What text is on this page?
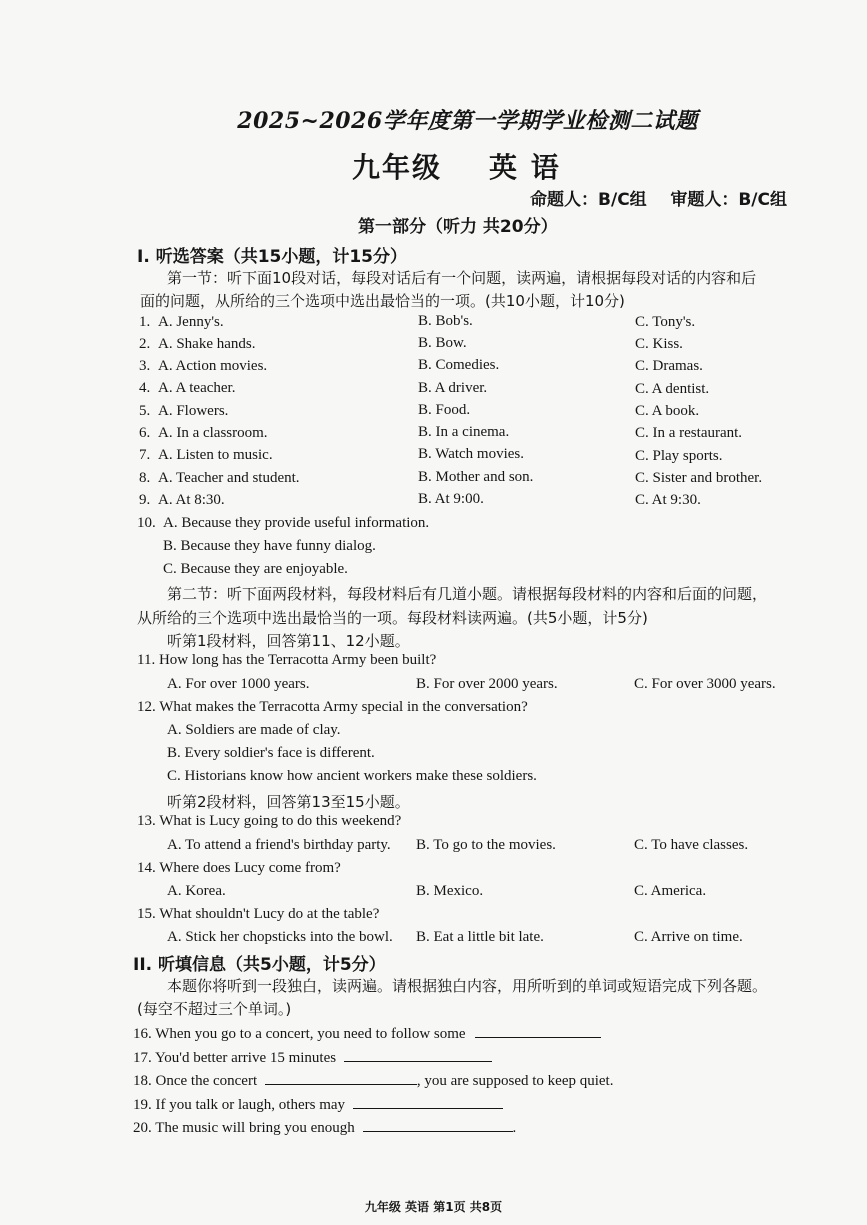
2025~2026学年度第一学期学业检测二试题
九年级    英 语
命题人：B/C组    审题人：B/C组
第一部分（听力 共20分）
I. 听选答案（共15小题，计15分）
第一节：听下面10段对话，每段对话后有一个问题，读两遍，请根据每段对话的内容和后
面的问题，从所给的三个选项中选出最恰当的一项。(共10小题，计10分)
1. A. Jenny's.	B. Bob's.	C. Tony's.
2. A. Shake hands.	B. Bow.	C. Kiss.
3. A. Action movies.	B. Comedies.	C. Dramas.
4. A. A teacher.	B. A driver.	C. A dentist.
5. A. Flowers.	B. Food.	C. A book.
6. A. In a classroom.	B. In a cinema.	C. In a restaurant.
7. A. Listen to music.	B. Watch movies.	C. Play sports.
8. A. Teacher and student.	B. Mother and son.	C. Sister and brother.
9. A. At 8:30.	B. At 9:00.	C. At 9:30.
10. A. Because they provide useful information.
B. Because they have funny dialog.
C. Because they are enjoyable.
第二节：听下面两段材料，每段材料后有几道小题。请根据每段材料的内容和后面的问题，
从所给的三个选项中选出最恰当的一项。每段材料读两遍。(共5小题，计5分)
听第1段材料，回答第11、12小题。
11. How long has the Terracotta Army been built?
A. For over 1000 years.	B. For over 2000 years.	C. For over 3000 years.
12. What makes the Terracotta Army special in the conversation?
A. Soldiers are made of clay.
B. Every soldier's face is different.
C. Historians know how ancient workers make these soldiers.
听第2段材料，回答第13至15小题。
13. What is Lucy going to do this weekend?
A. To attend a friend's birthday party. B. To go to the movies.	C. To have classes.
14. Where does Lucy come from?
A. Korea.	B. Mexico.	C. America.
15. What shouldn't Lucy do at the table?
A. Stick her chopsticks into the bowl. B. Eat a little bit late.	C. Arrive on time.
II. 听填信息（共5小题，计5分）
本题你将听到一段独白，读两遍。请根据独白内容，用所听到的单词或短语完成下列各题。
(每空不超过三个单词。)
16. When you go to a concert, you need to follow some
17. You'd better arrive 15 minutes
18. Once the concert	, you are supposed to keep quiet.
19. If you talk or laugh, others may
20. The music will bring you enough	.
九年级 英语 第1页 共8页
